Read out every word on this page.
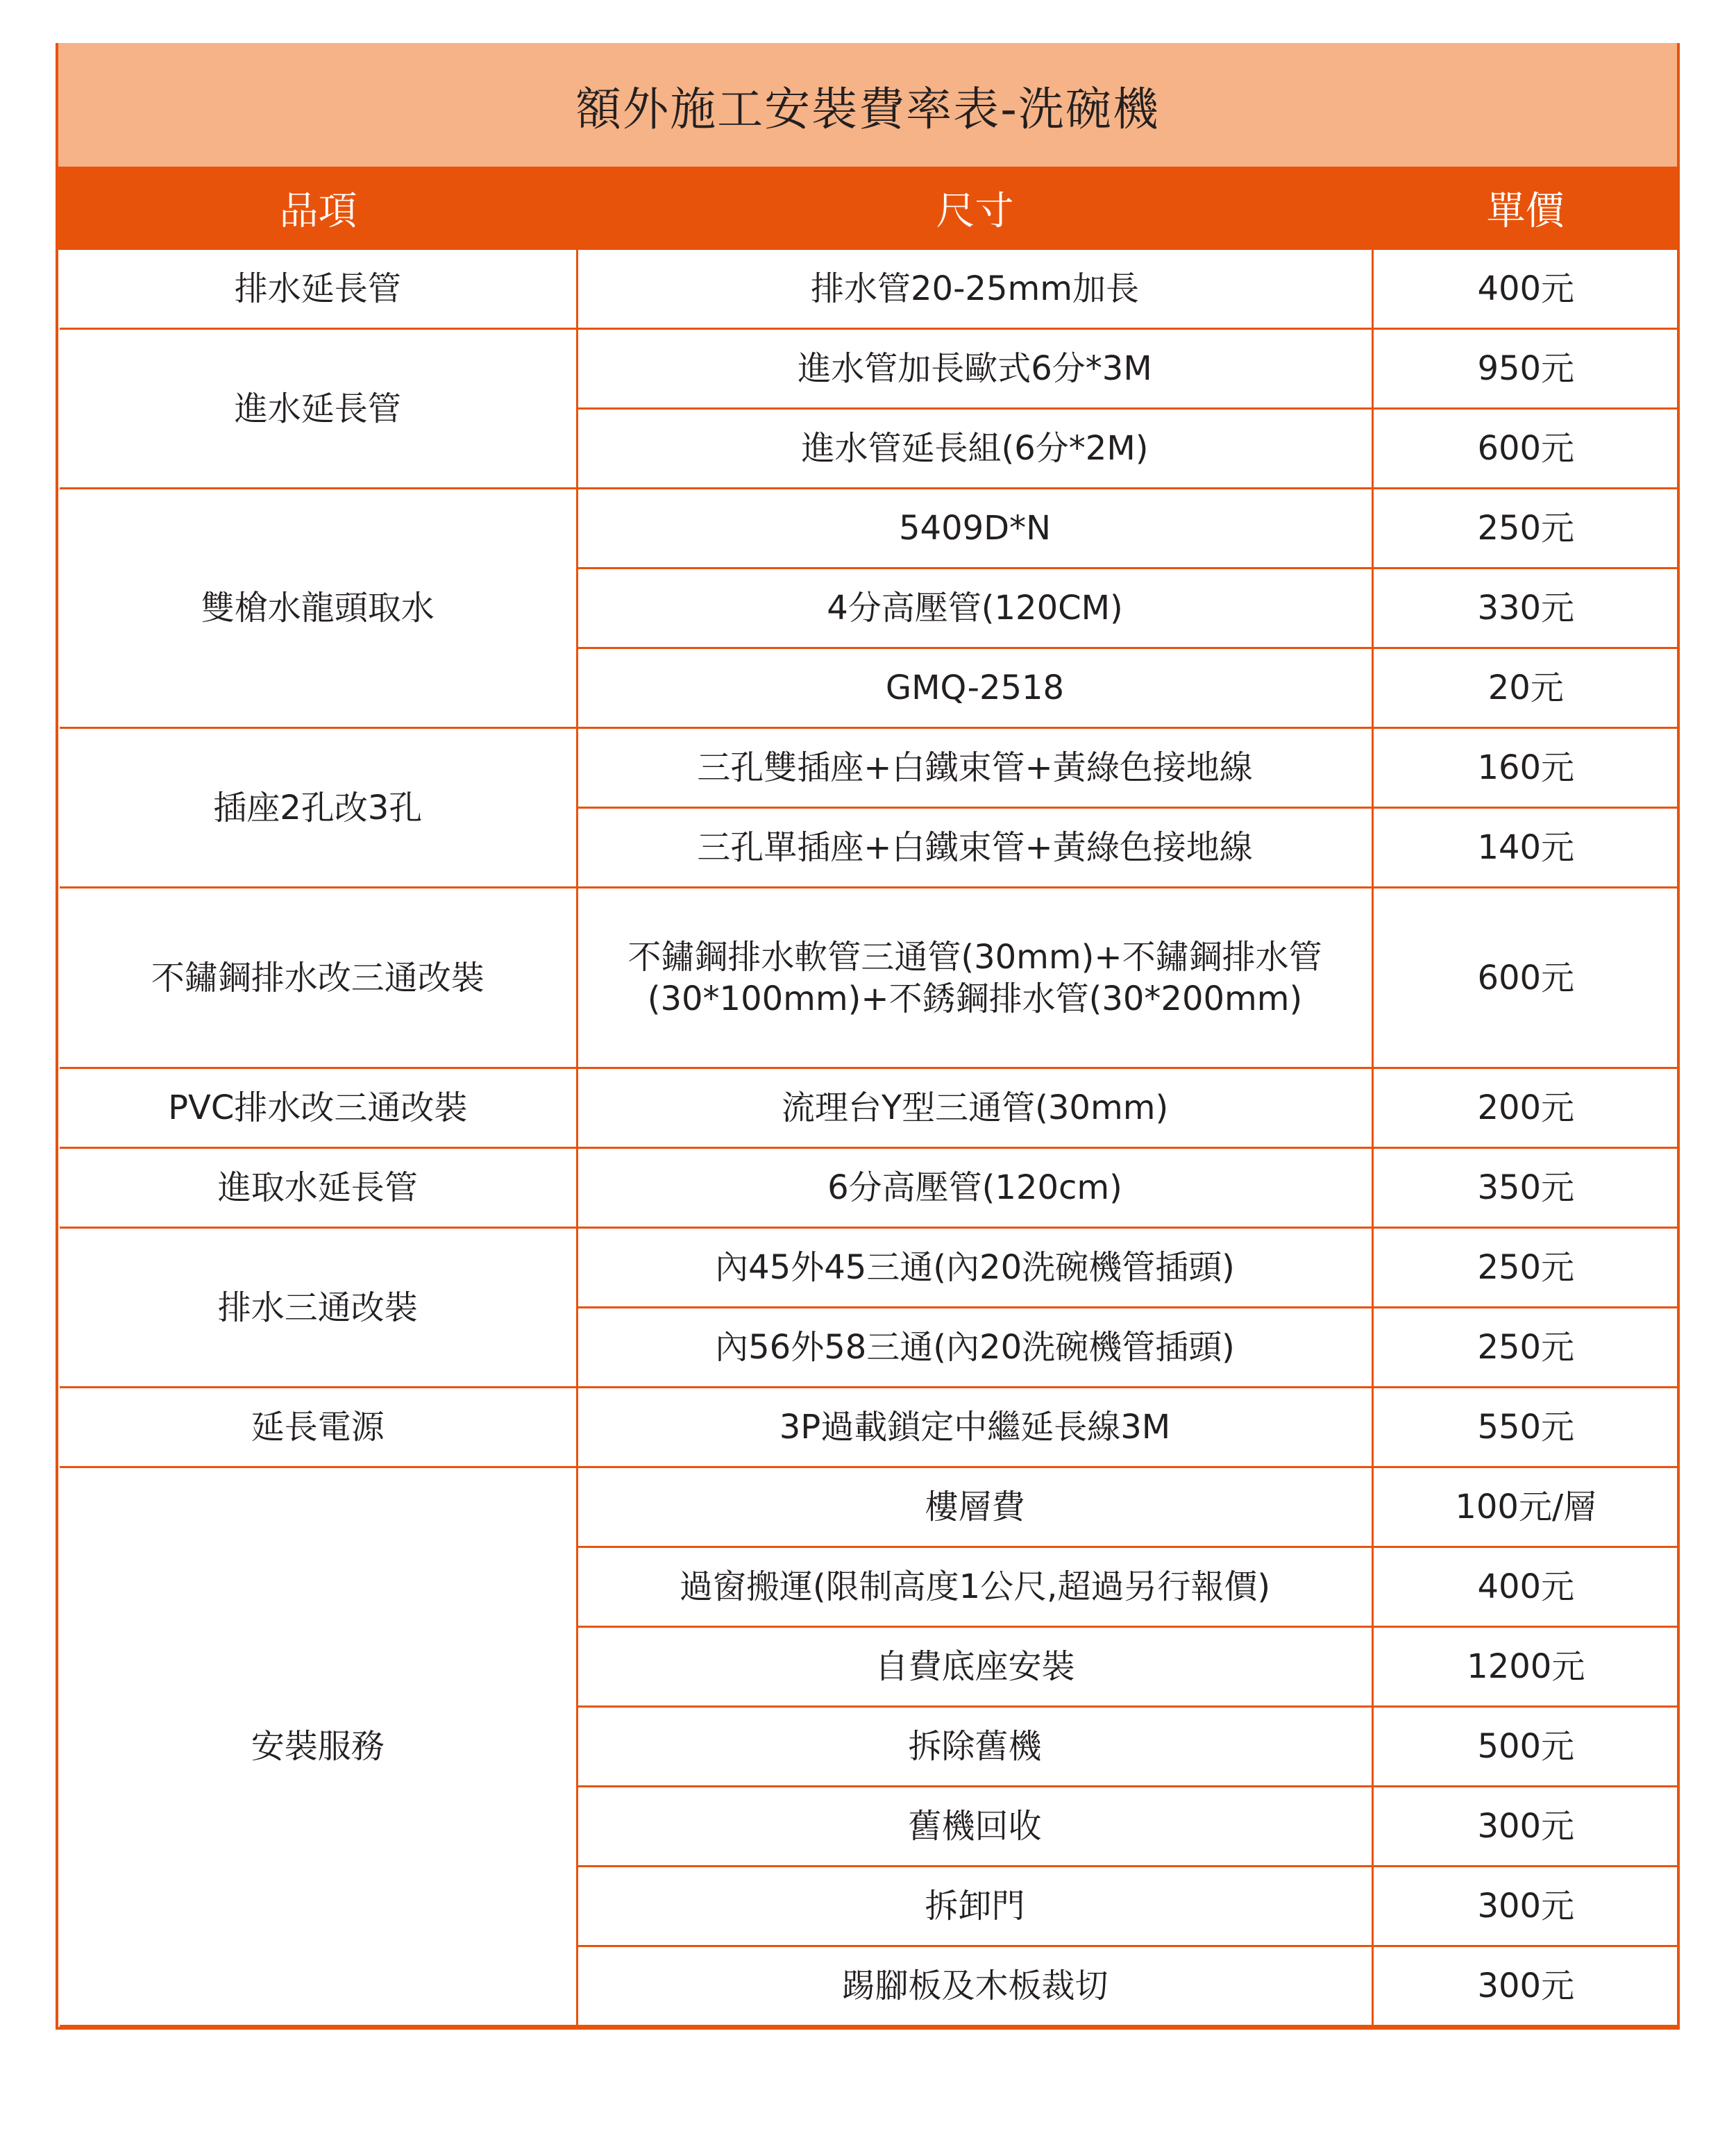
額外施工安裝費率表-洗碗機
品項	尺寸	單價
排水延長管	排水管20-25mm加長	400元
進水延長管	進水管加長歐式6分*3M	950元
	進水管延長組(6分*2M)	600元
雙槍水龍頭取水	5409D*N	250元
	4分高壓管(120CM)	330元
	GMQ-2518	20元
插座2孔改3孔	三孔雙插座+白鐵束管+黃綠色接地線	160元
	三孔單插座+白鐵束管+黃綠色接地線	140元
不鏽鋼排水改三通改裝	不鏽鋼排水軟管三通管(30mm)+不鏽鋼排水管(30*100mm)+不銹鋼排水管(30*200mm)	600元
PVC排水改三通改裝	流理台Y型三通管(30mm)	200元
進取水延長管	6分高壓管(120cm)	350元
排水三通改裝	內45外45三通(內20洗碗機管插頭)	250元
	內56外58三通(內20洗碗機管插頭)	250元
延長電源	3P過載鎖定中繼延長線3M	550元
安裝服務	樓層費	100元/層
	過窗搬運(限制高度1公尺,超過另行報價)	400元
	自費底座安裝	1200元
	拆除舊機	500元
	舊機回收	300元
	拆卸門	300元
	踢腳板及木板裁切	300元
